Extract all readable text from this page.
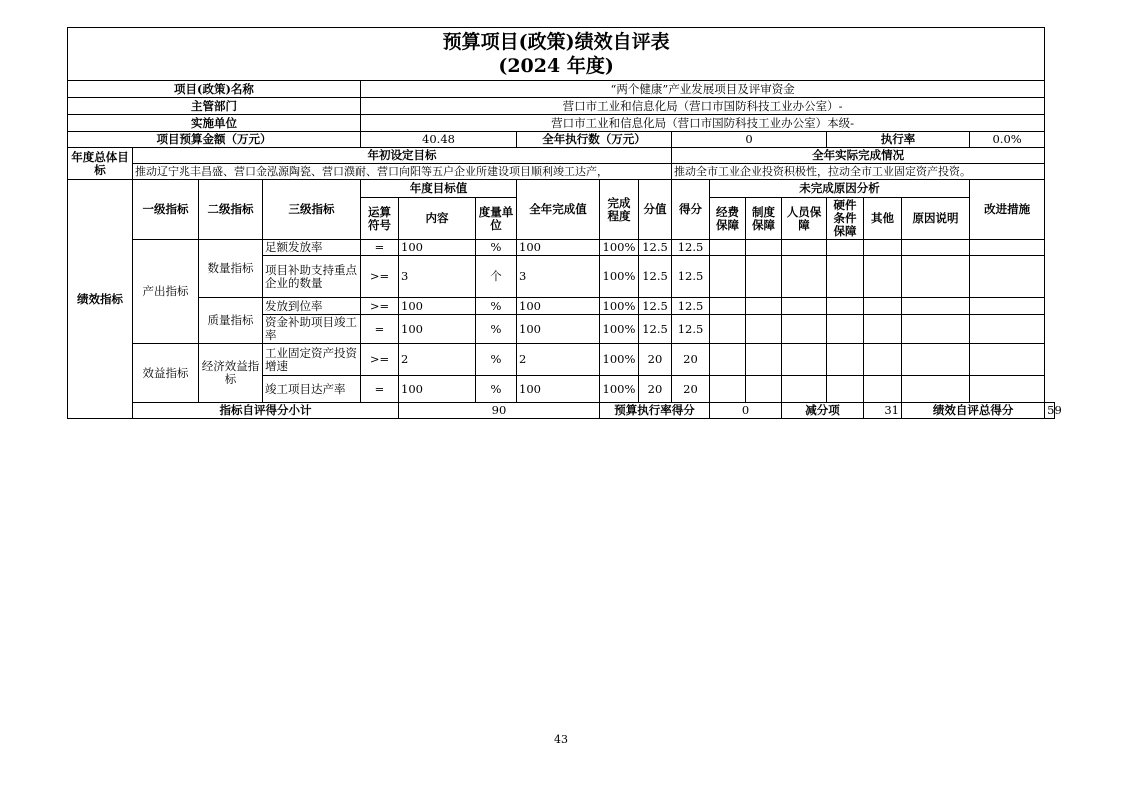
预算项目(政策)绩效自评表
(2024 年度)																		

项目(政策)名称				“两个健康”产业发展项目及评审资金														
主管部门				营口市工业和信息化局（营口市国防科技工业办公室）-														
实施单位				营口市工业和信息化局（营口市国防科技工业办公室）本级-														
项目预算金额（万元）				40.48			全年执行数（万元）			0				执行率			0.0%	
年度总体目标	年初设定目标									全年实际完成情况								
	推动辽宁兆丰昌盛、营口金泓源陶瓷、营口濮耐、营口向阳等五户企业所建设项目顺利竣工达产，									推动全市工业企业投资积极性，拉动全市工业固定资产投资。								
绩效指标	一级指标	二级指标	三级指标	年度目标值			全年完成值	完成程度	分值	得分	未完成原因分析						改进措施	
				运算符号	内容	度量单位					经费保障	制度保障	人员保障	硬件条件保障	其他	原因说明		
	产出指标	数量指标	足额发放率	=	100	%	100	100%	12.5	12.5								
			项目补助支持重点企业的数量	>=	3	个	3	100%	12.5	12.5								
		质量指标	发放到位率	>=	100	%	100	100%	12.5	12.5								
			资金补助项目竣工率	=	100	%	100	100%	12.5	12.5								
	效益指标	经济效益指标	工业固定资产投资增速	>=	2	%	2	100%	20	20								
			竣工项目达产率	=	100	%	100	100%	20	20								
	指标自评得分小计				90			预算执行率得分			0		减分项		31	绩效自评总得分		59
43
